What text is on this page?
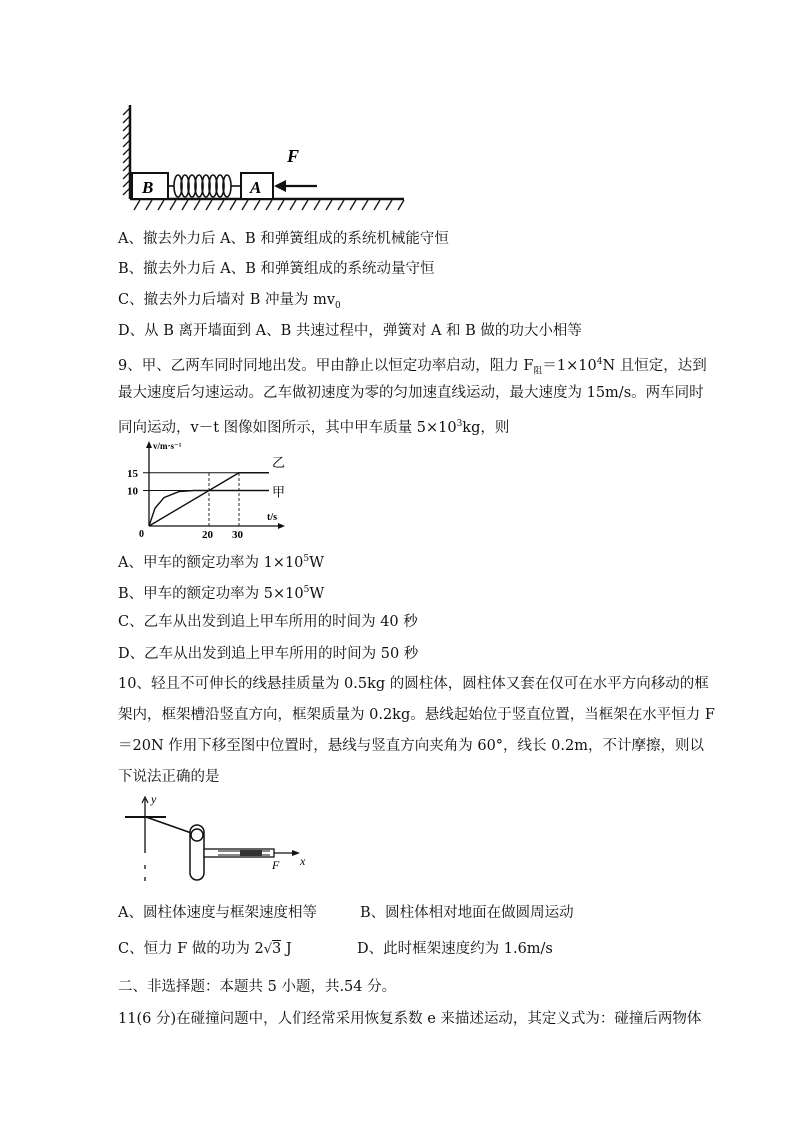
B	A
F
A、撤去外力后 A、B 和弹簧组成的系统机械能守恒
B、撤去外力后 A、B 和弹簧组成的系统动量守恒
C、撤去外力后墙对 B 冲量为 $mv_0$
D、从 B 离开墙面到 A、B 共速过程中，弹簧对 A 和 B 做的功大小相等
9、甲、乙两车同时同地出发。甲由静止以恒定功率启动，阻力 $F_阻=1\times 10^4N$ 且恒定，达到
最大速度后匀速运动。乙车做初速度为零的匀加速直线运动，最大速度为 15m/s。两车同时
同向运动，v－t 图像如图所示，其中甲车质量 $5\times 10^3kg$，则
v/m·s⁻¹
t/s
0
10
15
20 30
乙
甲
A、甲车的额定功率为 $1\times 10^5W$
B、甲车的额定功率为 $5\times 10^5W$
C、乙车从出发到追上甲车所用的时间为 40 秒
D、乙车从出发到追上甲车所用的时间为 50 秒
10、轻且不可伸长的线悬挂质量为 0.5kg 的圆柱体，圆柱体又套在仅可在水平方向移动的框
架内，框架槽沿竖直方向，框架质量为 0.2kg。悬线起始位于竖直位置，当框架在水平恒力 F
＝20N 作用下移至图中位置时，悬线与竖直方向夹角为 60°，线长 0.2m，不计摩擦，则以
下说法正确的是
y
F x
A、圆柱体速度与框架速度相等	B、圆柱体相对地面在做圆周运动
C、恒力 F 做的功为 2√3 J	D、此时框架速度约为 1.6m/s
二、非选择题：本题共 5 小题，共.54 分。
11(6 分)在碰撞问题中，人们经常采用恢复系数 e 来描述运动，其定义式为：碰撞后两物体
